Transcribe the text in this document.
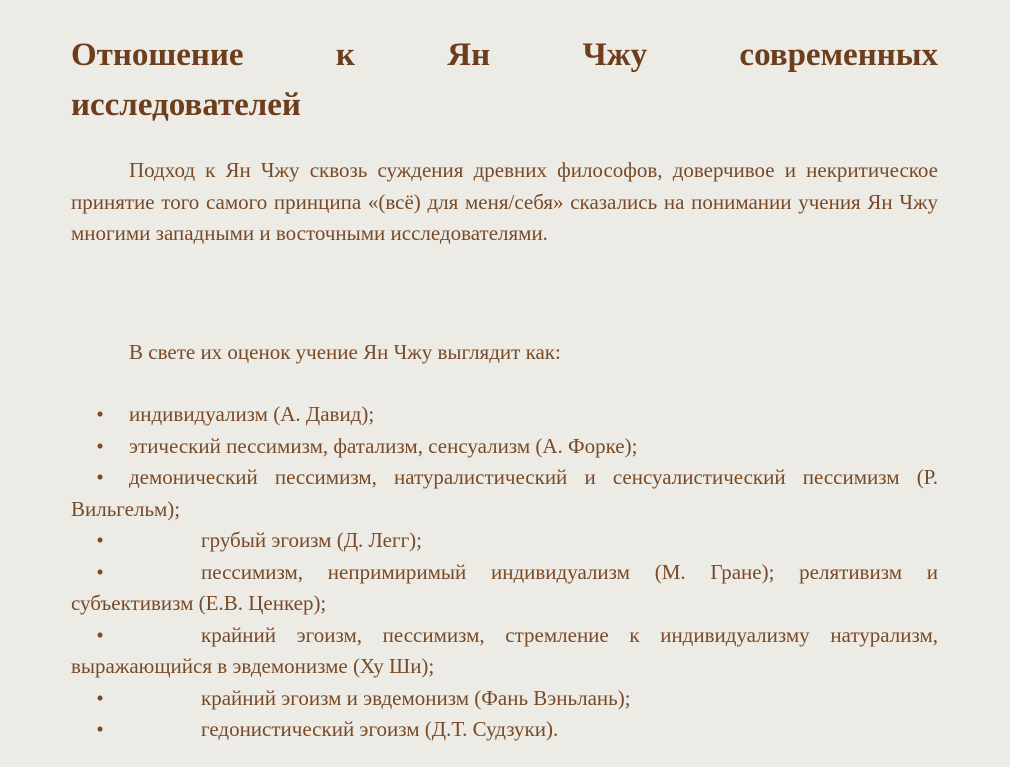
Отношение к Ян Чжу современных
исследователей

Подход к Ян Чжу сквозь суждения древних философов, доверчивое и некритическое принятие того самого принципа «(всё) для меня/себя» сказались на понимании учения Ян Чжу многими западными и восточными исследователями.

В свете их оценок учение Ян Чжу выглядит как:

• индивидуализм (А. Давид);
• этический пессимизм, фатализм, сенсуализм (А. Форке);
• демонический пессимизм, натуралистический и сенсуалистический пессимизм (Р. Вильгельм);
•	грубый эгоизм (Д. Легг);
•	пессимизм, непримиримый индивидуализм (М. Гране); релятивизм и субъективизм (Е.В. Ценкер);
•	крайний эгоизм, пессимизм, стремление к индивидуализму натурализм, выражающийся в эвдемонизме (Ху Ши);
•	крайний эгоизм и эвдемонизм (Фань Вэньлань);
•	гедонистический эгоизм (Д.Т. Судзуки).
